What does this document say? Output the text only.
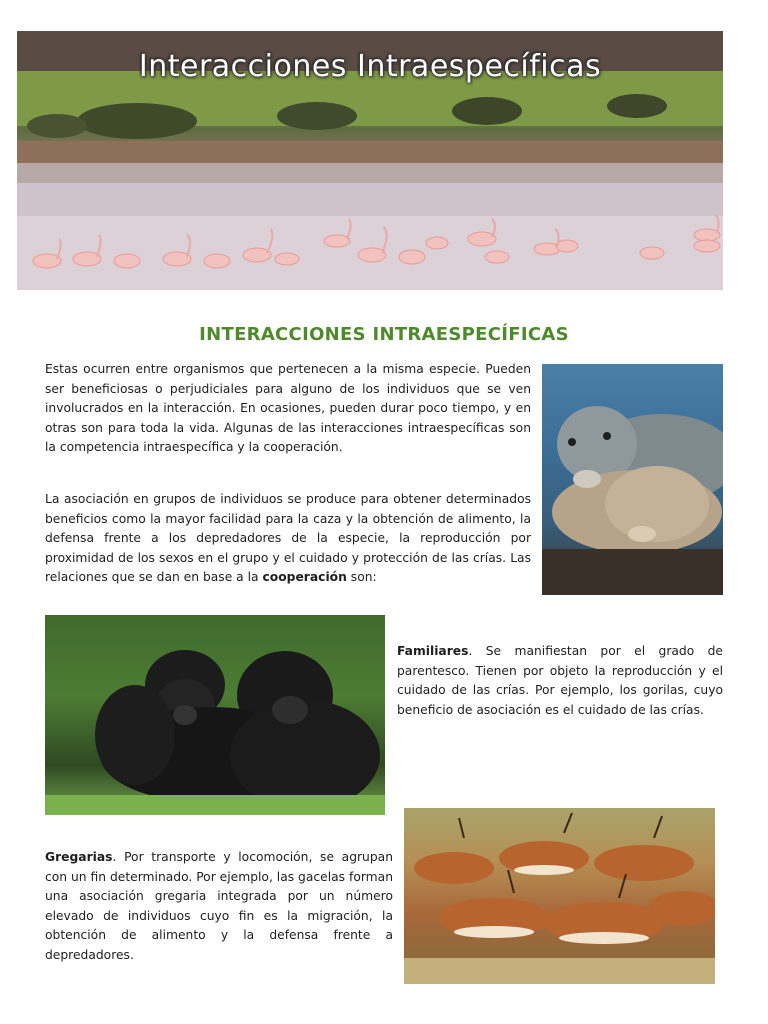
Interacciones Intraespecíficas
INTERACCIONES INTRAESPECÍFICAS

Estas ocurren entre organismos que pertenecen a la misma especie. Pueden ser beneficiosas o perjudiciales para alguno de los individuos que se ven involucrados en la interacción. En ocasiones, pueden durar poco tiempo, y en otras son para toda la vida. Algunas de las interacciones intraespecíficas son la competencia intraespecífica y la cooperación.

La asociación en grupos de individuos se produce para obtener determinados beneficios como la mayor facilidad para la caza y la obtención de alimento, la defensa frente a los depredadores de la especie, la reproducción por proximidad de los sexos en el grupo y el cuidado y protección de las crías. Las relaciones que se dan en base a la cooperación son:

Familiares. Se manifiestan por el grado de parentesco. Tienen por objeto la reproducción y el cuidado de las crías. Por ejemplo, los gorilas, cuyo beneficio de asociación es el cuidado de las crías.

Gregarias. Por transporte y locomoción, se agrupan con un fin determinado. Por ejemplo, las gacelas forman una asociación gregaria integrada por un número elevado de individuos cuyo fin es la migración, la obtención de alimento y la defensa frente a depredadores.
